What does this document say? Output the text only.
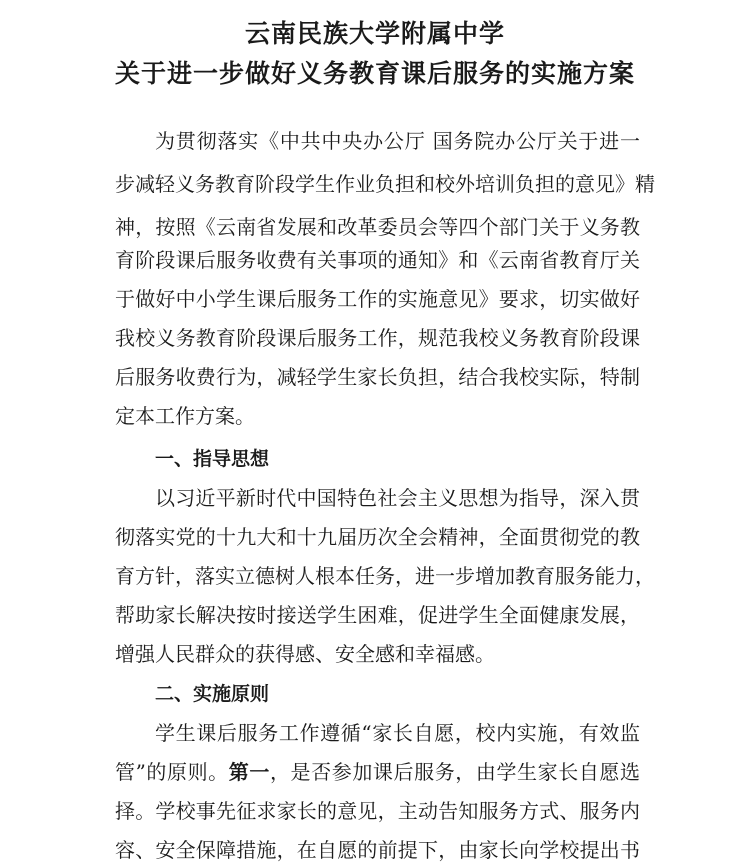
云南民族大学附属中学
关于进一步做好义务教育课后服务的实施方案
为贯彻落实《中共中央办公厅 国务院办公厅关于进一
步减轻义务教育阶段学生作业负担和校外培训负担的意见》精
神，按照《云南省发展和改革委员会等四个部门关于义务教
育阶段课后服务收费有关事项的通知》和《云南省教育厅关
于做好中小学生课后服务工作的实施意见》要求，切实做好
我校义务教育阶段课后服务工作，规范我校义务教育阶段课
后服务收费行为，减轻学生家长负担，结合我校实际，特制
定本工作方案。
一、指导思想
以习近平新时代中国特色社会主义思想为指导，深入贯
彻落实党的十九大和十九届历次全会精神，全面贯彻党的教
育方针，落实立德树人根本任务，进一步增加教育服务能力，
帮助家长解决按时接送学生困难，促进学生全面健康发展，
增强人民群众的获得感、安全感和幸福感。
二、实施原则
学生课后服务工作遵循“家长自愿，校内实施，有效监
管”的原则。第一，是否参加课后服务，由学生家长自愿选
择。学校事先征求家长的意见，主动告知服务方式、服务内
容、安全保障措施，在自愿的前提下，由家长向学校提出书
